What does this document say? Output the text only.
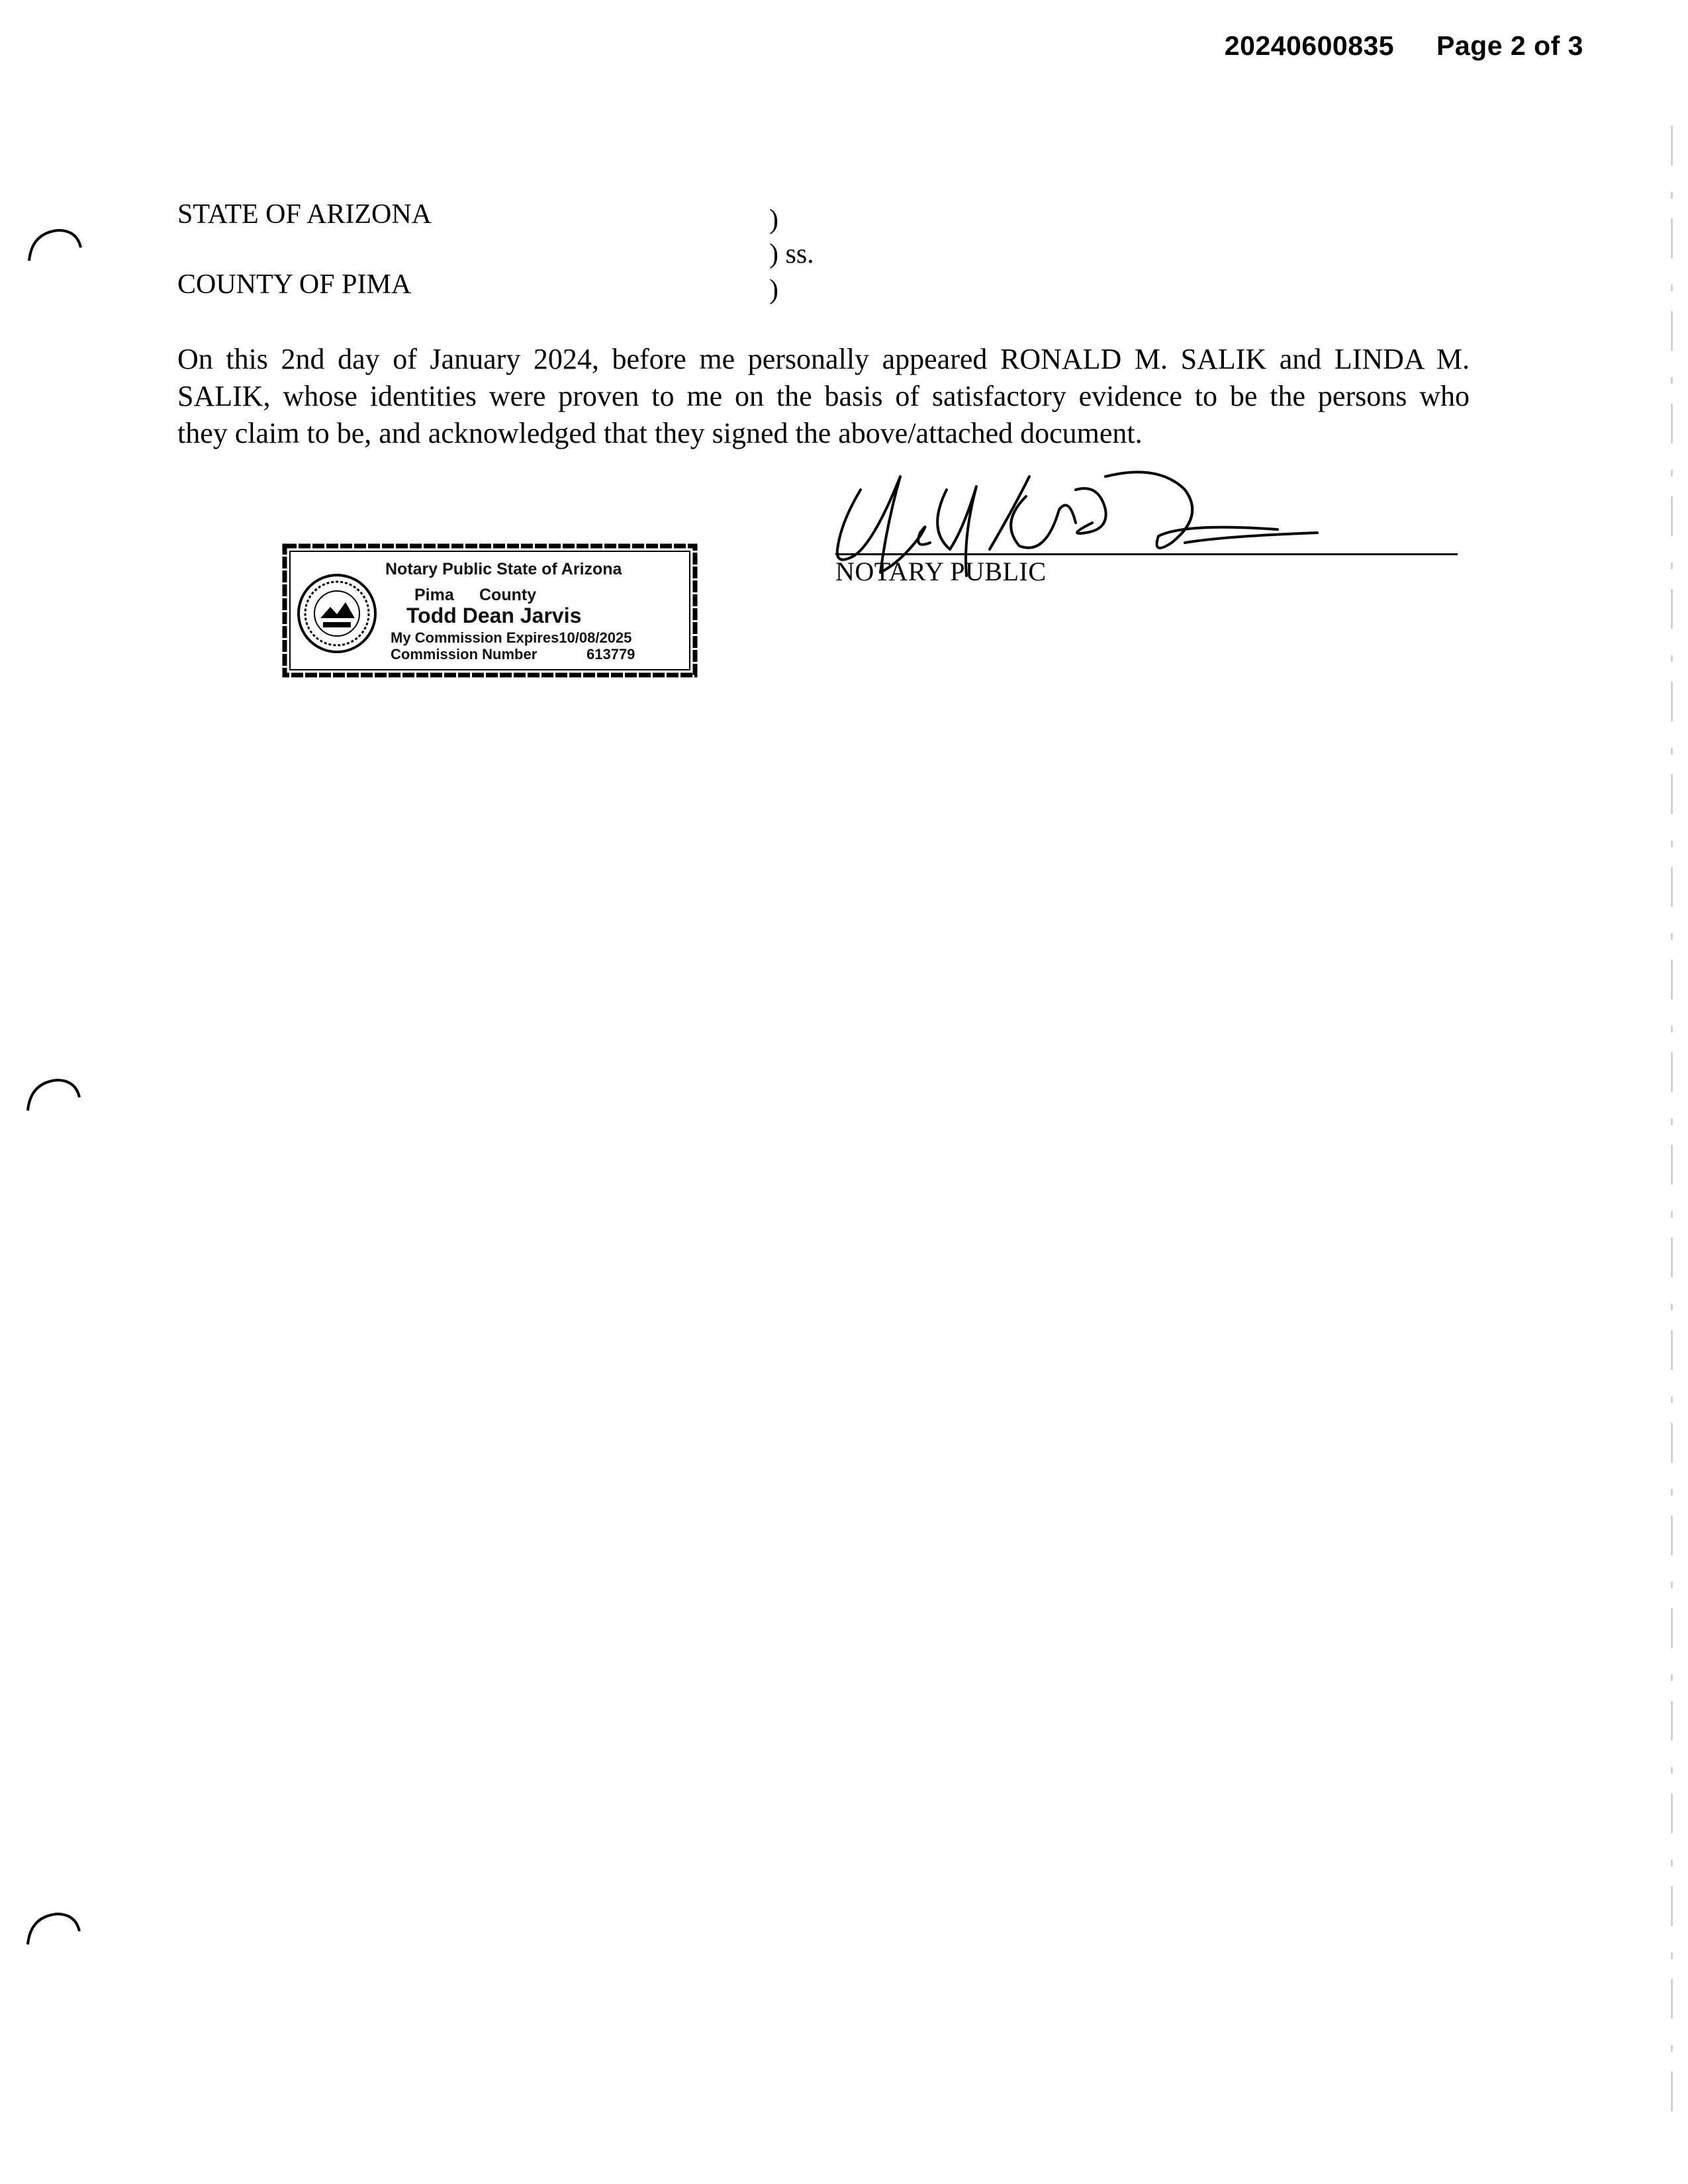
20240600835 Page 2 of 3
STATE OF ARIZONA
COUNTY OF PIMA
)
) ss.
)
On this 2nd day of January 2024, before me personally appeared RONALD M. SALIK and LINDA M.
SALIK, whose identities were proven to me on the basis of satisfactory evidence to be the persons who
they claim to be, and acknowledged that they signed the above/attached document.
NOTARY PUBLIC
Notary Public State of Arizona
Pima County
Todd Dean Jarvis
My Commission Expires10/08/2025
Commission Number	613779
